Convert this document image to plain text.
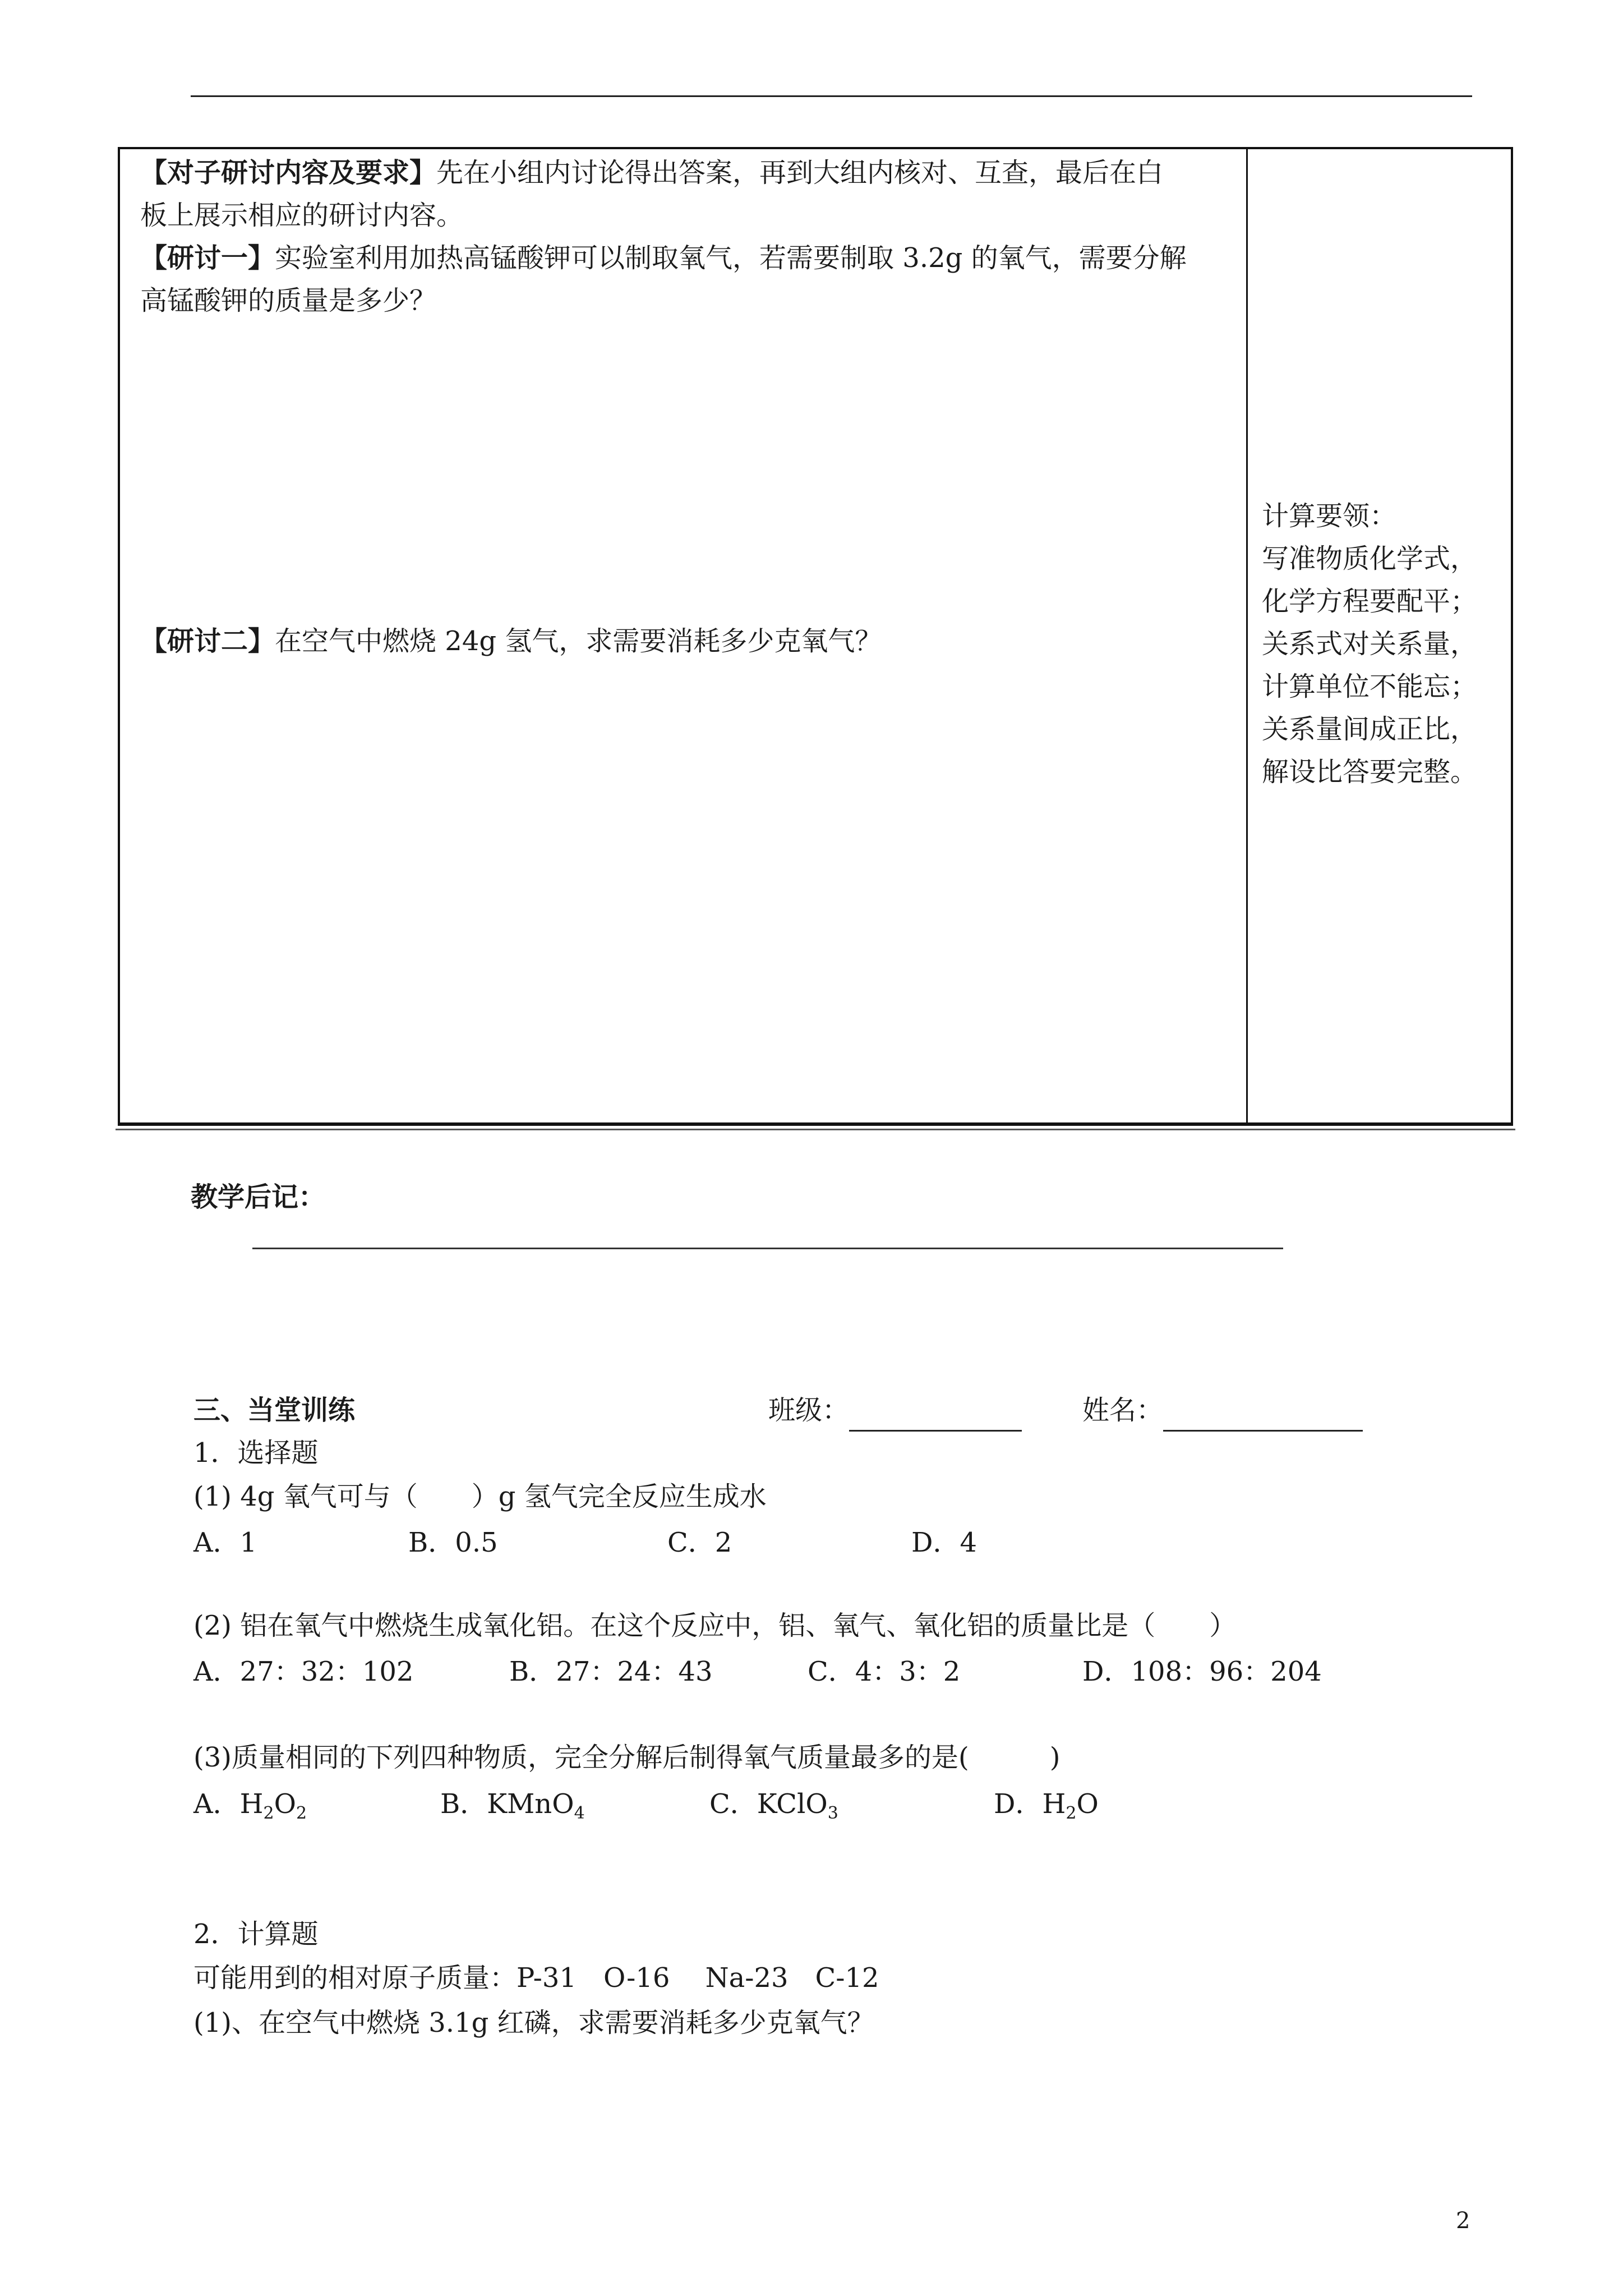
【对子研讨内容及要求】先在小组内讨论得出答案，再到大组内核对、互查，最后在白
板上展示相应的研讨内容。
【研讨一】实验室利用加热高锰酸钾可以制取氧气，若需要制取 3.2g 的氧气，需要分解
高锰酸钾的质量是多少？
【研讨二】在空气中燃烧 24g 氢气，求需要消耗多少克氧气？
计算要领：
写准物质化学式，
化学方程要配平；
关系式对关系量，
计算单位不能忘；
关系量间成正比，
解设比答要完整。
教学后记：
三、当堂训练	班级：	姓名：
1．选择题
(1) 4g 氧气可与（　　）g 氢气完全反应生成水
A．1	B．0.5	C．2	D．4
(2) 铝在氧气中燃烧生成氧化铝。在这个反应中，铝、氧气、氧化铝的质量比是（　　）
A．27：32：102	B．27：24：43	C．4：3：2	D．108：96：204
(3)质量相同的下列四种物质，完全分解后制得氧气质量最多的是(　　　)
A．$H_2O_2$	B．KMnO$_4$	C．KClO$_3$	D．$H_2O$
2．计算题
可能用到的相对原子质量：P-31　O-16　 Na-23　C-12
(1)、在空气中燃烧 3.1g 红磷，求需要消耗多少克氧气？
2
